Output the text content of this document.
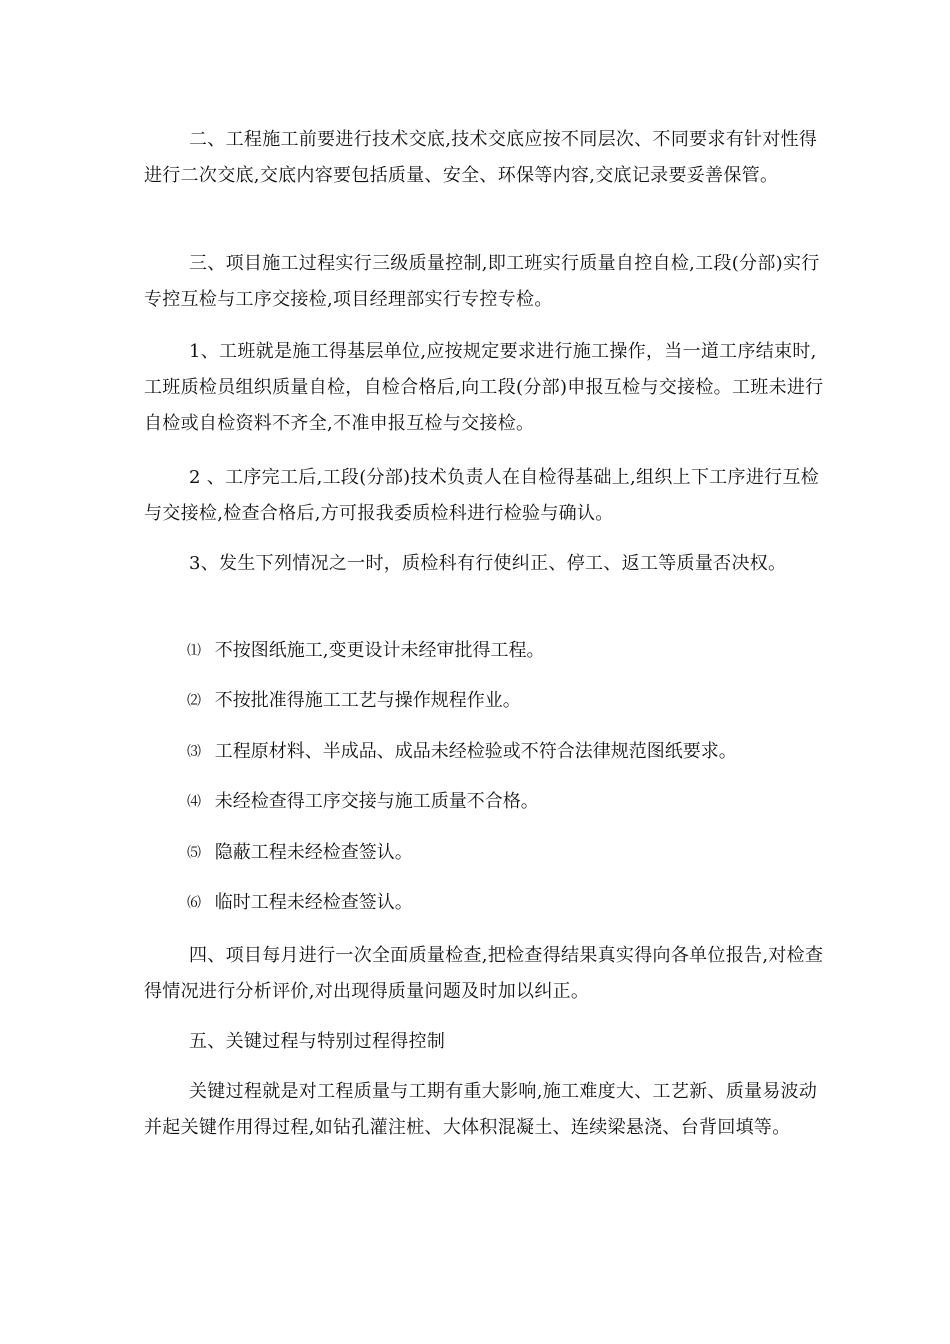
二、工程施工前要进行技术交底,技术交底应按不同层次、不同要求有针对性得进行二次交底,交底内容要包括质量、安全、环保等内容,交底记录要妥善保管。

三、项目施工过程实行三级质量控制,即工班实行质量自控自检,工段(分部)实行专控互检与工序交接检,项目经理部实行专控专检。

1、工班就是施工得基层单位,应按规定要求进行施工操作，当一道工序结束时,工班质检员组织质量自检，自检合格后,向工段(分部)申报互检与交接检。工班未进行自检或自检资料不齐全,不准申报互检与交接检。

2 、工序完工后,工段(分部)技术负责人在自检得基础上,组织上下工序进行互检与交接检,检查合格后,方可报我委质检科进行检验与确认。

3、发生下列情况之一时，质检科有行使纠正、停工、返工等质量否决权。

⑴ 不按图纸施工,变更设计未经审批得工程。
⑵ 不按批准得施工工艺与操作规程作业。
⑶ 工程原材料、半成品、成品未经检验或不符合法律规范图纸要求。
⑷ 未经检查得工序交接与施工质量不合格。
⑸ 隐蔽工程未经检查签认。
⑹ 临时工程未经检查签认。

四、项目每月进行一次全面质量检查,把检查得结果真实得向各单位报告,对检查得情况进行分析评价,对出现得质量问题及时加以纠正。

五、关键过程与特别过程得控制

关键过程就是对工程质量与工期有重大影响,施工难度大、工艺新、质量易波动并起关键作用得过程,如钻孔灌注桩、大体积混凝土、连续梁悬浇、台背回填等。
